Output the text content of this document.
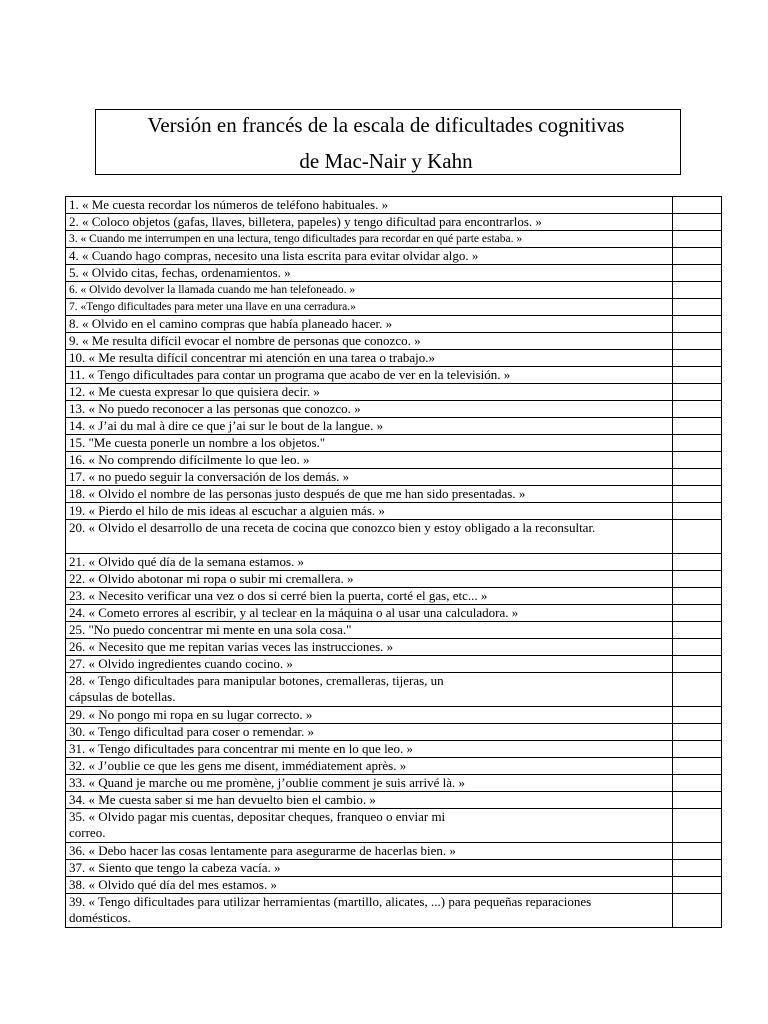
Versión en francés de la escala de dificultades cognitivas
de Mac-Nair y Kahn
1. « Me cuesta recordar los números de teléfono habituales. »	
2. « Coloco objetos (gafas, llaves, billetera, papeles) y tengo dificultad para encontrarlos. »	
3. « Cuando me interrumpen en una lectura, tengo dificultades para recordar en qué parte estaba. »	
4. « Cuando hago compras, necesito una lista escrita para evitar olvidar algo. »	
5. « Olvido citas, fechas, ordenamientos. »	
6. « Olvido devolver la llamada cuando me han telefoneado. »	
7. «Tengo dificultades para meter una llave en una cerradura.»	
8. « Olvido en el camino compras que había planeado hacer. »	
9. « Me resulta difícil evocar el nombre de personas que conozco. »	
10. « Me resulta difícil concentrar mi atención en una tarea o trabajo.»	
11. « Tengo dificultades para contar un programa que acabo de ver en la televisión. »	
12. « Me cuesta expresar lo que quisiera decir. »	
13. « No puedo reconocer a las personas que conozco. »	
14. « J’ai du mal à dire ce que j’ai sur le bout de la langue. »	
15. "Me cuesta ponerle un nombre a los objetos."	
16. « No comprendo difícilmente lo que leo. »	
17. « no puedo seguir la conversación de los demás. »	
18. « Olvido el nombre de las personas justo después de que me han sido presentadas. »	
19. « Pierdo el hilo de mis ideas al escuchar a alguien más. »	
20. « Olvido el desarrollo de una receta de cocina que conozco bien y estoy obligado a la reconsultar.	
21. « Olvido qué día de la semana estamos. »	
22. « Olvido abotonar mi ropa o subir mi cremallera. »	
23. « Necesito verificar una vez o dos si cerré bien la puerta, corté el gas, etc... »	
24. « Cometo errores al escribir, y al teclear en la máquina o al usar una calculadora. »	
25. "No puedo concentrar mi mente en una sola cosa."	
26. « Necesito que me repitan varias veces las instrucciones. »	
27. « Olvido ingredientes cuando cocino. »	
28. « Tengo dificultades para manipular botones, cremalleras, tijeras, un
cápsulas de botellas.	
29. « No pongo mi ropa en su lugar correcto. »	
30. « Tengo dificultad para coser o remendar. »	
31. « Tengo dificultades para concentrar mi mente en lo que leo. »	
32. « J’oublie ce que les gens me disent, immédiatement après. »	
33. « Quand je marche ou me promène, j’oublie comment je suis arrivé là. »	
34. « Me cuesta saber si me han devuelto bien el cambio. »	
35. « Olvido pagar mis cuentas, depositar cheques, franqueo o enviar mi
correo.	
36. « Debo hacer las cosas lentamente para asegurarme de hacerlas bien. »	
37. « Siento que tengo la cabeza vacía. »	
38. « Olvido qué día del mes estamos. »	
39. « Tengo dificultades para utilizar herramientas (martillo, alicates, ...) para pequeñas reparaciones
domésticos.	
